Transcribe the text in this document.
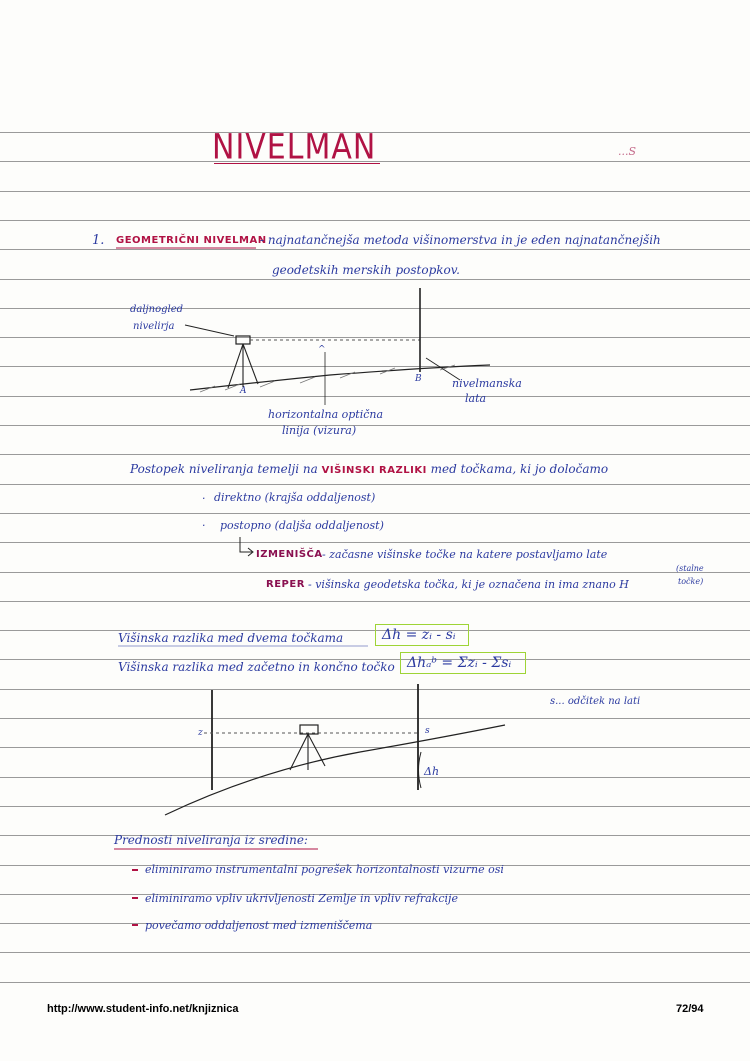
NIVELMAN	...S
1. GEOMETRIČNI NIVELMAN
- najnatančnejša metoda višinomerstva in je eden najnatančnejših
geodetskih merskih postopkov.
daljnogled
nivelirja
A
B
^
nivelmanska
lata
horizontalna optična
linija (vizura)
Postopek niveliranja temelji na VIŠINSKI RAZLIKI med točkama, ki jo določamo
· direktno (krajša oddaljenost)
· postopno (daljša oddaljenost)
IZMENIŠČA - začasne višinske točke na katere postavljamo late
REPER - višinska geodetska točka, ki je označena in ima znano H
(stalne
točke)
Višinska razlika med dvema točkama	Δh = zᵢ - sᵢ
Višinska razlika med začetno in končno točko Δhₐᵇ = Σzᵢ - Σsᵢ
s... odčitek na lati
z	s
Δh
Prednosti niveliranja iz sredine:
eliminiramo instrumentalni pogrešek horizontalnosti vizurne osi
eliminiramo vpliv ukrivljenosti Zemlje in vpliv refrakcije
povečamo oddaljenost med izmeniščema
http://www.student-info.net/knjiznica	72/94
